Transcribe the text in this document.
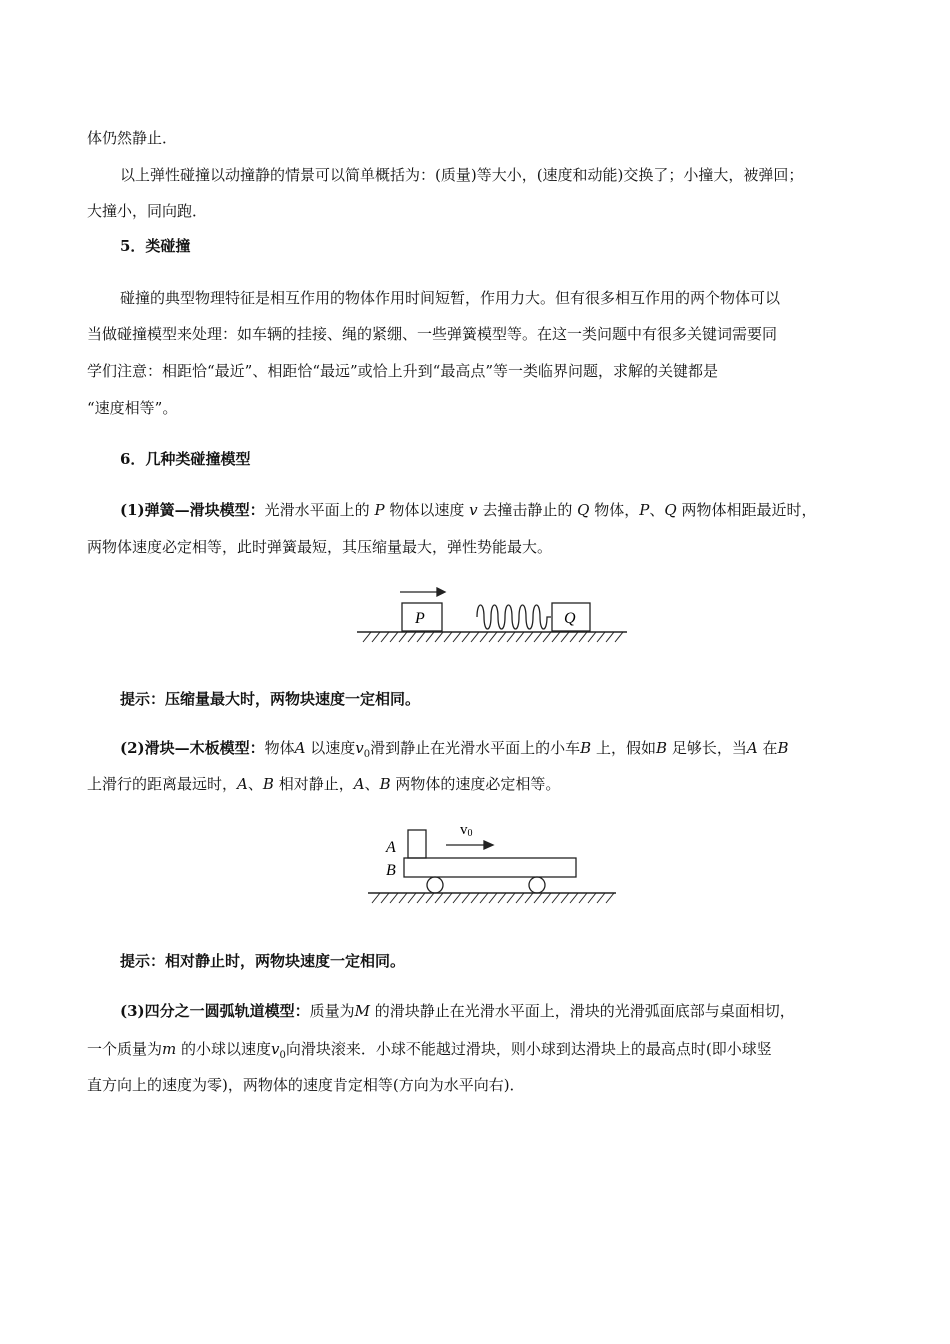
体仍然静止．
以上弹性碰撞以动撞静的情景可以简单概括为：(质量)等大小，(速度和动能)交换了；小撞大，被弹回；
大撞小，同向跑．
5．类碰撞
碰撞的典型物理特征是相互作用的物体作用时间短暂，作用力大。但有很多相互作用的两个物体可以
当做碰撞模型来处理：如车辆的挂接、绳的紧绷、一些弹簧模型等。在这一类问题中有很多关键词需要同
学们注意：相距恰“最近”、相距恰“最远”或恰上升到“最高点”等一类临界问题，求解的关键都是
“速度相等”。
6．几种类碰撞模型
(1)弹簧—滑块模型：光滑水平面上的 P 物体以速度 v 去撞击静止的 Q 物体，P、Q 两物体相距最近时，
两物体速度必定相等，此时弹簧最短，其压缩量最大，弹性势能最大。
P	Q
提示：压缩量最大时，两物块速度一定相同。
(2)滑块—木板模型：物体A 以速度$v_0$滑到静止在光滑水平面上的小车B 上，假如B 足够长，当A 在B
上滑行的距离最远时，A、B 相对静止，A、B 两物体的速度必定相等。
A
B
v0
提示：相对静止时，两物块速度一定相同。
(3)四分之一圆弧轨道模型：质量为M 的滑块静止在光滑水平面上，滑块的光滑弧面底部与桌面相切，
一个质量为m 的小球以速度$v_0$向滑块滚来．小球不能越过滑块，则小球到达滑块上的最高点时(即小球竖
直方向上的速度为零)，两物体的速度肯定相等(方向为水平向右)．
